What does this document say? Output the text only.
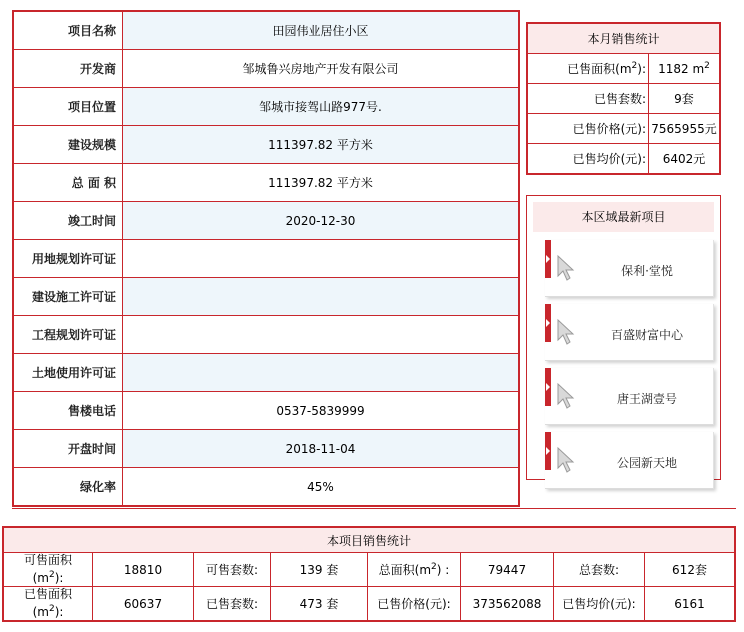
项目名称	田园伟业居住小区
开发商	邹城鲁兴房地产开发有限公司
项目位置	邹城市接驾山路977号.
建设规模	111397.82 平方米
总 面 积	111397.82 平方米
竣工时间	2020-12-30
用地规划许可证	
建设施工许可证	
工程规划许可证	
土地使用许可证	
售楼电话	0537-5839999
开盘时间	2018-11-04
绿化率	45%
本月销售统计	
已售面积$(m^2)$:	1182 $m^2$
已售套数:	9套
已售价格(元):	7565955元
已售均价(元):	6402元
本区域最新项目
保利·堂悦
百盛财富中心
唐王湖壹号
公园新天地
本项目销售统计							
可售面积
$(m^2)$:	18810	可售套数:	139 套	总面积$(m^2)$ :	79447	总套数:	612套
已售面积
$(m^2)$:	60637	已售套数:	473 套	已售价格(元):	373562088	已售均价(元):	6161
